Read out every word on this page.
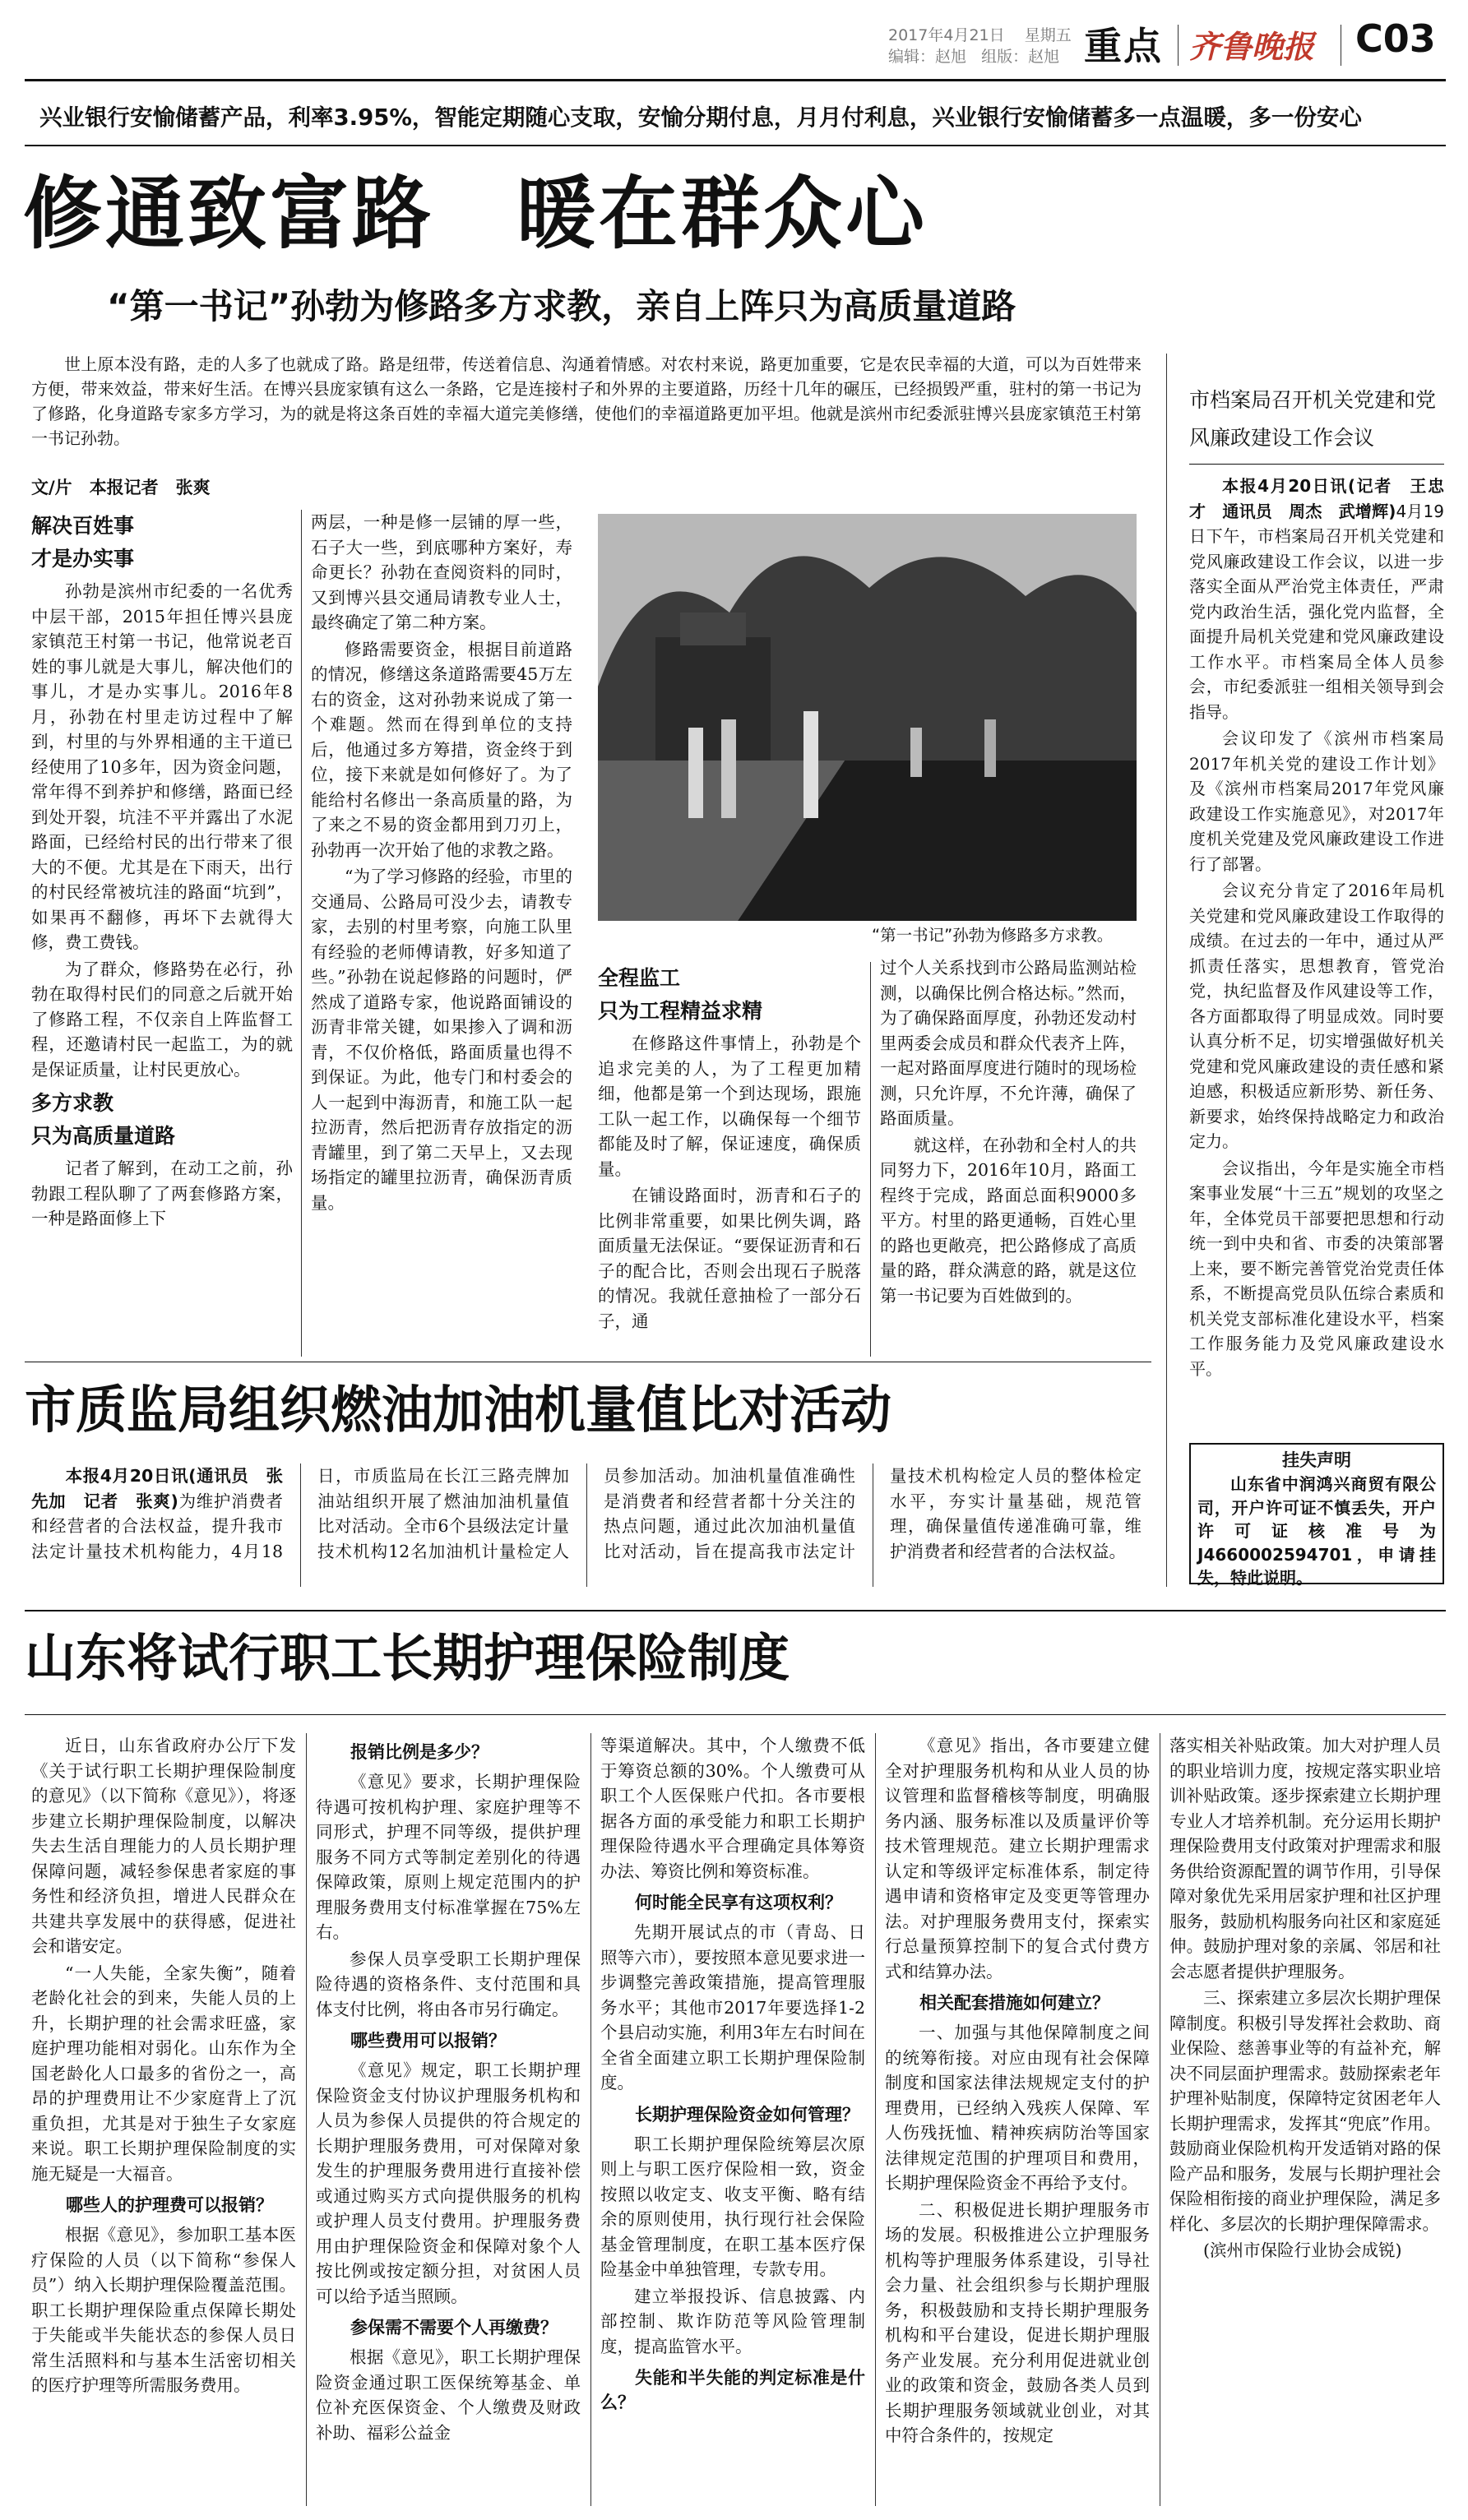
2017年4月21日 星期五
编辑：赵旭 组版：赵旭 重点 齐鲁晚报 C03
兴业银行安愉储蓄产品，利率3.95%，智能定期随心支取，安愉分期付息，月月付利息，兴业银行安愉储蓄多一点温暖，多一份安心
修通致富路　暖在群众心
“第一书记”孙勃为修路多方求教，亲自上阵只为高质量道路
世上原本没有路，走的人多了也就成了路。路是纽带，传送着信息、沟通着情感。对农村来说，路更加重要，它是农民幸福的大道，可以为百姓带来方便，带来效益，带来好生活。在博兴县庞家镇有这么一条路，它是连接村子和外界的主要道路，历经十几年的碾压，已经损毁严重，驻村的第一书记为了修路，化身道路专家多方学习，为的就是将这条百姓的幸福大道完美修缮，使他们的幸福道路更加平坦。他就是滨州市纪委派驻博兴县庞家镇范王村第一书记孙勃。
文/片　本报记者　张爽
解决百姓事
才是办实事

孙勃是滨州市纪委的一名优秀中层干部，2015年担任博兴县庞家镇范王村第一书记，他常说老百姓的事儿就是大事儿，解决他们的事儿，才是办实事儿。2016年8月，孙勃在村里走访过程中了解到，村里的与外界相通的主干道已经使用了10多年，因为资金问题，常年得不到养护和修缮，路面已经到处开裂，坑洼不平并露出了水泥路面，已经给村民的出行带来了很大的不便。尤其是在下雨天，出行的村民经常被坑洼的路面“坑到”，如果再不翻修，再坏下去就得大修，费工费钱。

为了群众，修路势在必行，孙勃在取得村民们的同意之后就开始了修路工程，不仅亲自上阵监督工程，还邀请村民一起监工，为的就是保证质量，让村民更放心。

多方求教
只为高质量道路

记者了解到，在动工之前，孙勃跟工程队聊了了两套修路方案，一种是路面修上下

两层，一种是修一层铺的厚一些，石子大一些，到底哪种方案好，寿命更长？孙勃在查阅资料的同时，又到博兴县交通局请教专业人士，最终确定了第二种方案。

修路需要资金，根据目前道路的情况，修缮这条道路需要45万左右的资金，这对孙勃来说成了第一个难题。然而在得到单位的支持后，他通过多方筹措，资金终于到位，接下来就是如何修好了。为了能给村名修出一条高质量的路，为了来之不易的资金都用到刀刃上，孙勃再一次开始了他的求教之路。

“为了学习修路的经验，市里的交通局、公路局可没少去，请教专家，去别的村里考察，向施工队里有经验的老师傅请教，好多知道了些。”孙勃在说起修路的问题时，俨然成了道路专家，他说路面铺设的沥青非常关键，如果掺入了调和沥青，不仅价格低，路面质量也得不到保证。为此，他专门和村委会的人一起到中海沥青，和施工队一起拉沥青，然后把沥青存放指定的沥青罐里，到了第二天早上，又去现场指定的罐里拉沥青，确保沥青质量。

“第一书记”孙勃为修路多方求教。
全程监工
只为工程精益求精

在修路这件事情上，孙勃是个追求完美的人，为了工程更加精细，他都是第一个到达现场，跟施工队一起工作，以确保每一个细节都能及时了解，保证速度，确保质量。

在铺设路面时，沥青和石子的比例非常重要，如果比例失调，路面质量无法保证。“要保证沥青和石子的配合比，否则会出现石子脱落的情况。我就任意抽检了一部分石子，通

过个人关系找到市公路局监测站检测，以确保比例合格达标。”然而，为了确保路面厚度，孙勃还发动村里两委会成员和群众代表齐上阵，一起对路面厚度进行随时的现场检测，只允许厚，不允许薄，确保了路面质量。

就这样，在孙勃和全村人的共同努力下，2016年10月，路面工程终于完成，路面总面积9000多平方。村里的路更通畅，百姓心里的路也更敞亮，把公路修成了高质量的路，群众满意的路，就是这位第一书记要为百姓做到的。

市档案局召开机关党建和党风廉政建设工作会议

本报4月20日讯(记者　王忠才　通讯员　周杰　武增辉)4月19日下午，市档案局召开机关党建和党风廉政建设工作会议，以进一步落实全面从严治党主体责任，严肃党内政治生活，强化党内监督，全面提升局机关党建和党风廉政建设工作水平。市档案局全体人员参会，市纪委派驻一组相关领导到会指导。

会议印发了《滨州市档案局2017年机关党的建设工作计划》及《滨州市档案局2017年党风廉政建设工作实施意见》，对2017年度机关党建及党风廉政建设工作进行了部署。

会议充分肯定了2016年局机关党建和党风廉政建设工作取得的成绩。在过去的一年中，通过从严抓责任落实，思想教育，管党治党，执纪监督及作风建设等工作，各方面都取得了明显成效。同时要认真分析不足，切实增强做好机关党建和党风廉政建设的责任感和紧迫感，积极适应新形势、新任务、新要求，始终保持战略定力和政治定力。

会议指出，今年是实施全市档案事业发展“十三五”规划的攻坚之年，全体党员干部要把思想和行动统一到中央和省、市委的决策部署上来，要不断完善管党治党责任体系，不断提高党员队伍综合素质和机关党支部标准化建设水平，档案工作服务能力及党风廉政建设水平。

挂失声明
山东省中润鸿兴商贸有限公司，开户许可证不慎丢失，开户许可证核准号为J4660002594701，申请挂失，特此说明。
市质监局组织燃油加油机量值比对活动
本报4月20日讯(通讯员　张先加　记者　张爽)为维护消费者和经营者的合法权益，提升我市法定计量技术机构能力，4月18日，市质监局在长江三路壳牌加油站组织开展了燃油加油机量值比对活动。全市6个县级法定计量技术机构12名加油机计量检定人员参加活动。加油机量值准确性是消费者和经营者都十分关注的热点问题，通过此次加油机量值比对活动，旨在提高我市法定计量技术机构检定人员的整体检定水平，夯实计量基础，规范管理，确保量值传递准确可靠，维护消费者和经营者的合法权益。
山东将试行职工长期护理保险制度

近日，山东省政府办公厅下发《关于试行职工长期护理保险制度的意见》（以下简称《意见》），将逐步建立长期护理保险制度，以解决失去生活自理能力的人员长期护理保障问题，减轻参保患者家庭的事务性和经济负担，增进人民群众在共建共享发展中的获得感，促进社会和谐安定。

“一人失能，全家失衡”，随着老龄化社会的到来，失能人员的上升，长期护理的社会需求旺盛，家庭护理功能相对弱化。山东作为全国老龄化人口最多的省份之一，高昂的护理费用让不少家庭背上了沉重负担，尤其是对于独生子女家庭来说。职工长期护理保险制度的实施无疑是一大福音。

哪些人的护理费可以报销？

根据《意见》，参加职工基本医疗保险的人员（以下简称“参保人员”）纳入长期护理保险覆盖范围。职工长期护理保险重点保障长期处于失能或半失能状态的参保人员日常生活照料和与基本生活密切相关的医疗护理等所需服务费用。

报销比例是多少？

《意见》要求，长期护理保险待遇可按机构护理、家庭护理等不同形式，护理不同等级，提供护理服务不同方式等制定差别化的待遇保障政策，原则上规定范围内的护理服务费用支付标准掌握在75%左右。

参保人员享受职工长期护理保险待遇的资格条件、支付范围和具体支付比例，将由各市另行确定。

哪些费用可以报销？

《意见》规定，职工长期护理保险资金支付协议护理服务机构和人员为参保人员提供的符合规定的长期护理服务费用，可对保障对象发生的护理服务费用进行直接补偿或通过购买方式向提供服务的机构或护理人员支付费用。护理服务费用由护理保险资金和保障对象个人按比例或按定额分担，对贫困人员可以给予适当照顾。

参保需不需要个人再缴费？

根据《意见》，职工长期护理保险资金通过职工医保统筹基金、单位补充医保资金、个人缴费及财政补助、福彩公益金

等渠道解决。其中，个人缴费不低于筹资总额的30%。个人缴费可从职工个人医保账户代扣。各市要根据各方面的承受能力和职工长期护理保险待遇水平合理确定具体筹资办法、筹资比例和筹资标准。

何时能全民享有这项权利？

先期开展试点的市（青岛、日照等六市），要按照本意见要求进一步调整完善政策措施，提高管理服务水平；其他市2017年要选择1-2个县启动实施，利用3年左右时间在全省全面建立职工长期护理保险制度。

长期护理保险资金如何管理？

职工长期护理保险统筹层次原则上与职工医疗保险相一致，资金按照以收定支、收支平衡、略有结余的原则使用，执行现行社会保险基金管理制度，在职工基本医疗保险基金中单独管理，专款专用。

建立举报投诉、信息披露、内部控制、欺诈防范等风险管理制度，提高监管水平。

失能和半失能的判定标准是什么？

《意见》指出，各市要建立健全对护理服务机构和从业人员的协议管理和监督稽核等制度，明确服务内涵、服务标准以及质量评价等技术管理规范。建立长期护理需求认定和等级评定标准体系，制定待遇申请和资格审定及变更等管理办法。对护理服务费用支付，探索实行总量预算控制下的复合式付费方式和结算办法。

相关配套措施如何建立？

一、加强与其他保障制度之间的统筹衔接。对应由现有社会保障制度和国家法律法规规定支付的护理费用，已经纳入残疾人保障、军人伤残抚恤、精神疾病防治等国家法律规定范围的护理项目和费用，长期护理保险资金不再给予支付。

二、积极促进长期护理服务市场的发展。积极推进公立护理服务机构等护理服务体系建设，引导社会力量、社会组织参与长期护理服务，积极鼓励和支持长期护理服务机构和平台建设，促进长期护理服务产业发展。充分利用促进就业创业的政策和资金，鼓励各类人员到长期护理服务领域就业创业，对其中符合条件的，按规定

落实相关补贴政策。加大对护理人员的职业培训力度，按规定落实职业培训补贴政策。逐步探索建立长期护理专业人才培养机制。充分运用长期护理保险费用支付政策对护理需求和服务供给资源配置的调节作用，引导保障对象优先采用居家护理和社区护理服务，鼓励机构服务向社区和家庭延伸。鼓励护理对象的亲属、邻居和社会志愿者提供护理服务。

三、探索建立多层次长期护理保障制度。积极引导发挥社会救助、商业保险、慈善事业等的有益补充，解决不同层面护理需求。鼓励探索老年护理补贴制度，保障特定贫困老年人长期护理需求，发挥其“兜底”作用。鼓励商业保险机构开发适销对路的保险产品和服务，发展与长期护理社会保险相衔接的商业护理保险，满足多样化、多层次的长期护理保障需求。

(滨州市保险行业协会成锐)
